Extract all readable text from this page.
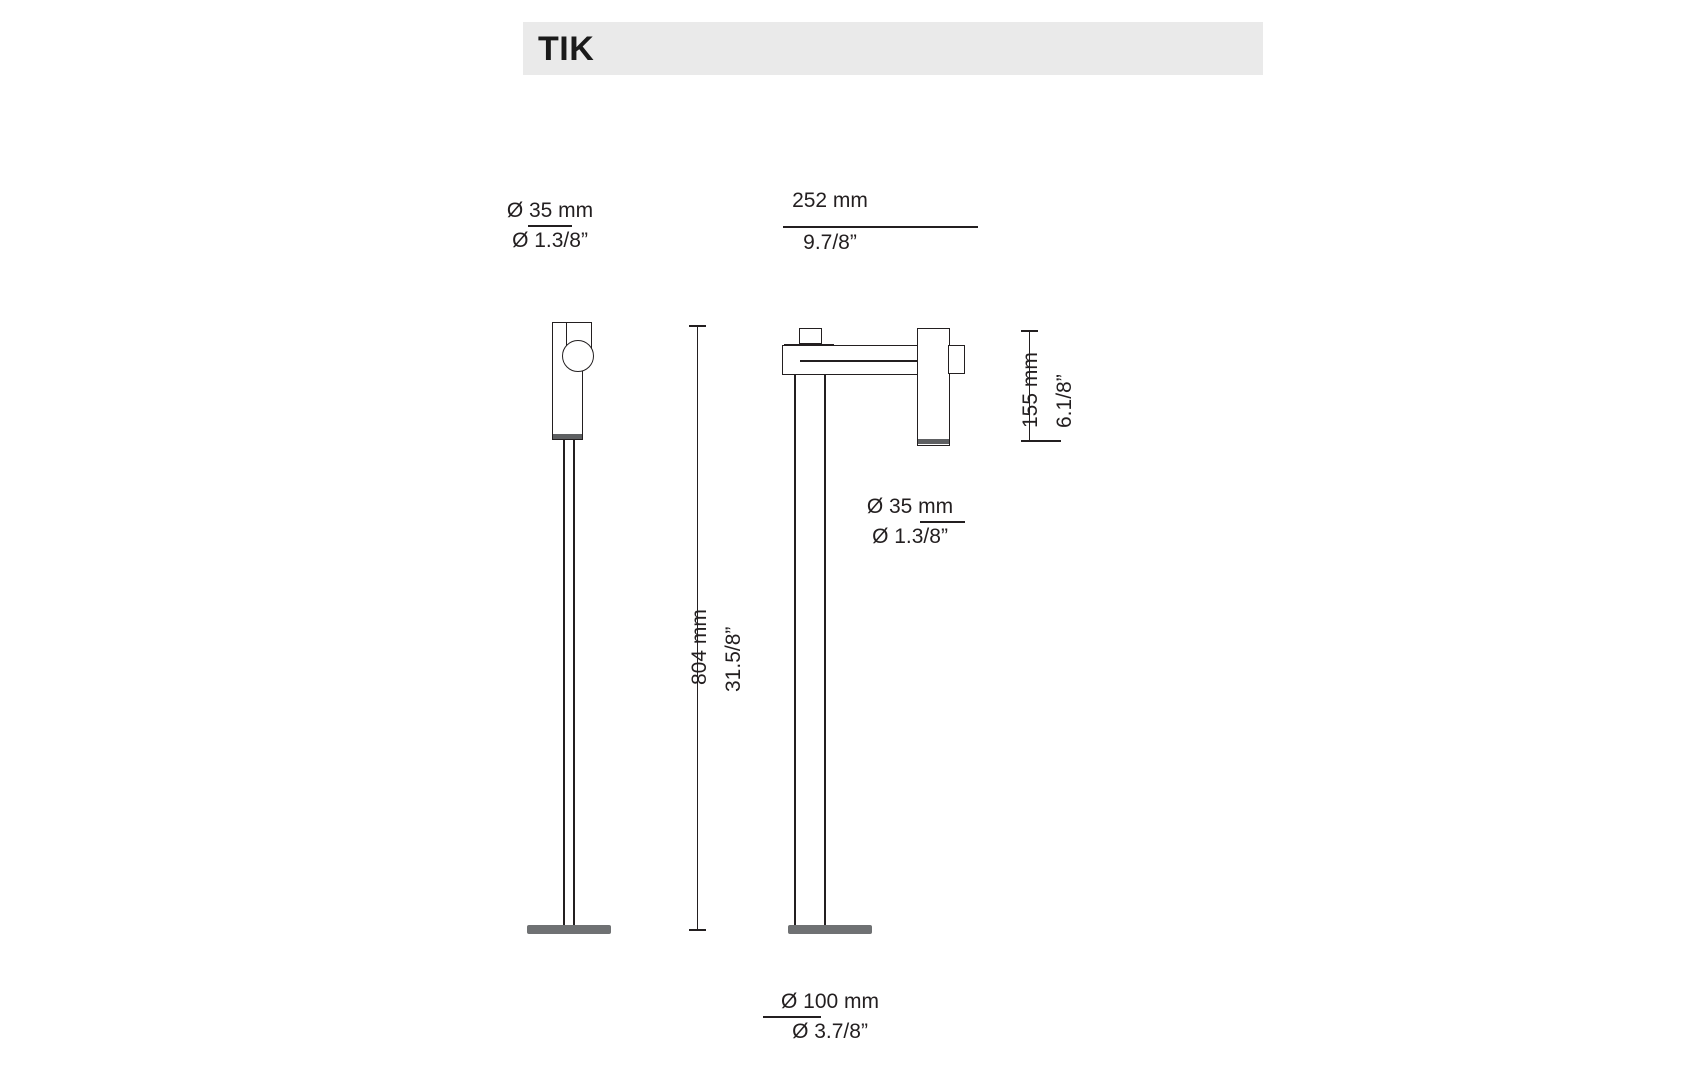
TIK
Ø 35 mm
Ø 1.3/8”
252 mm
9.7/8”
804 mm 31.5/8”
155 mm 6.1/8”
Ø 35 mm
Ø 1.3/8”
Ø 100 mm
Ø 3.7/8”
